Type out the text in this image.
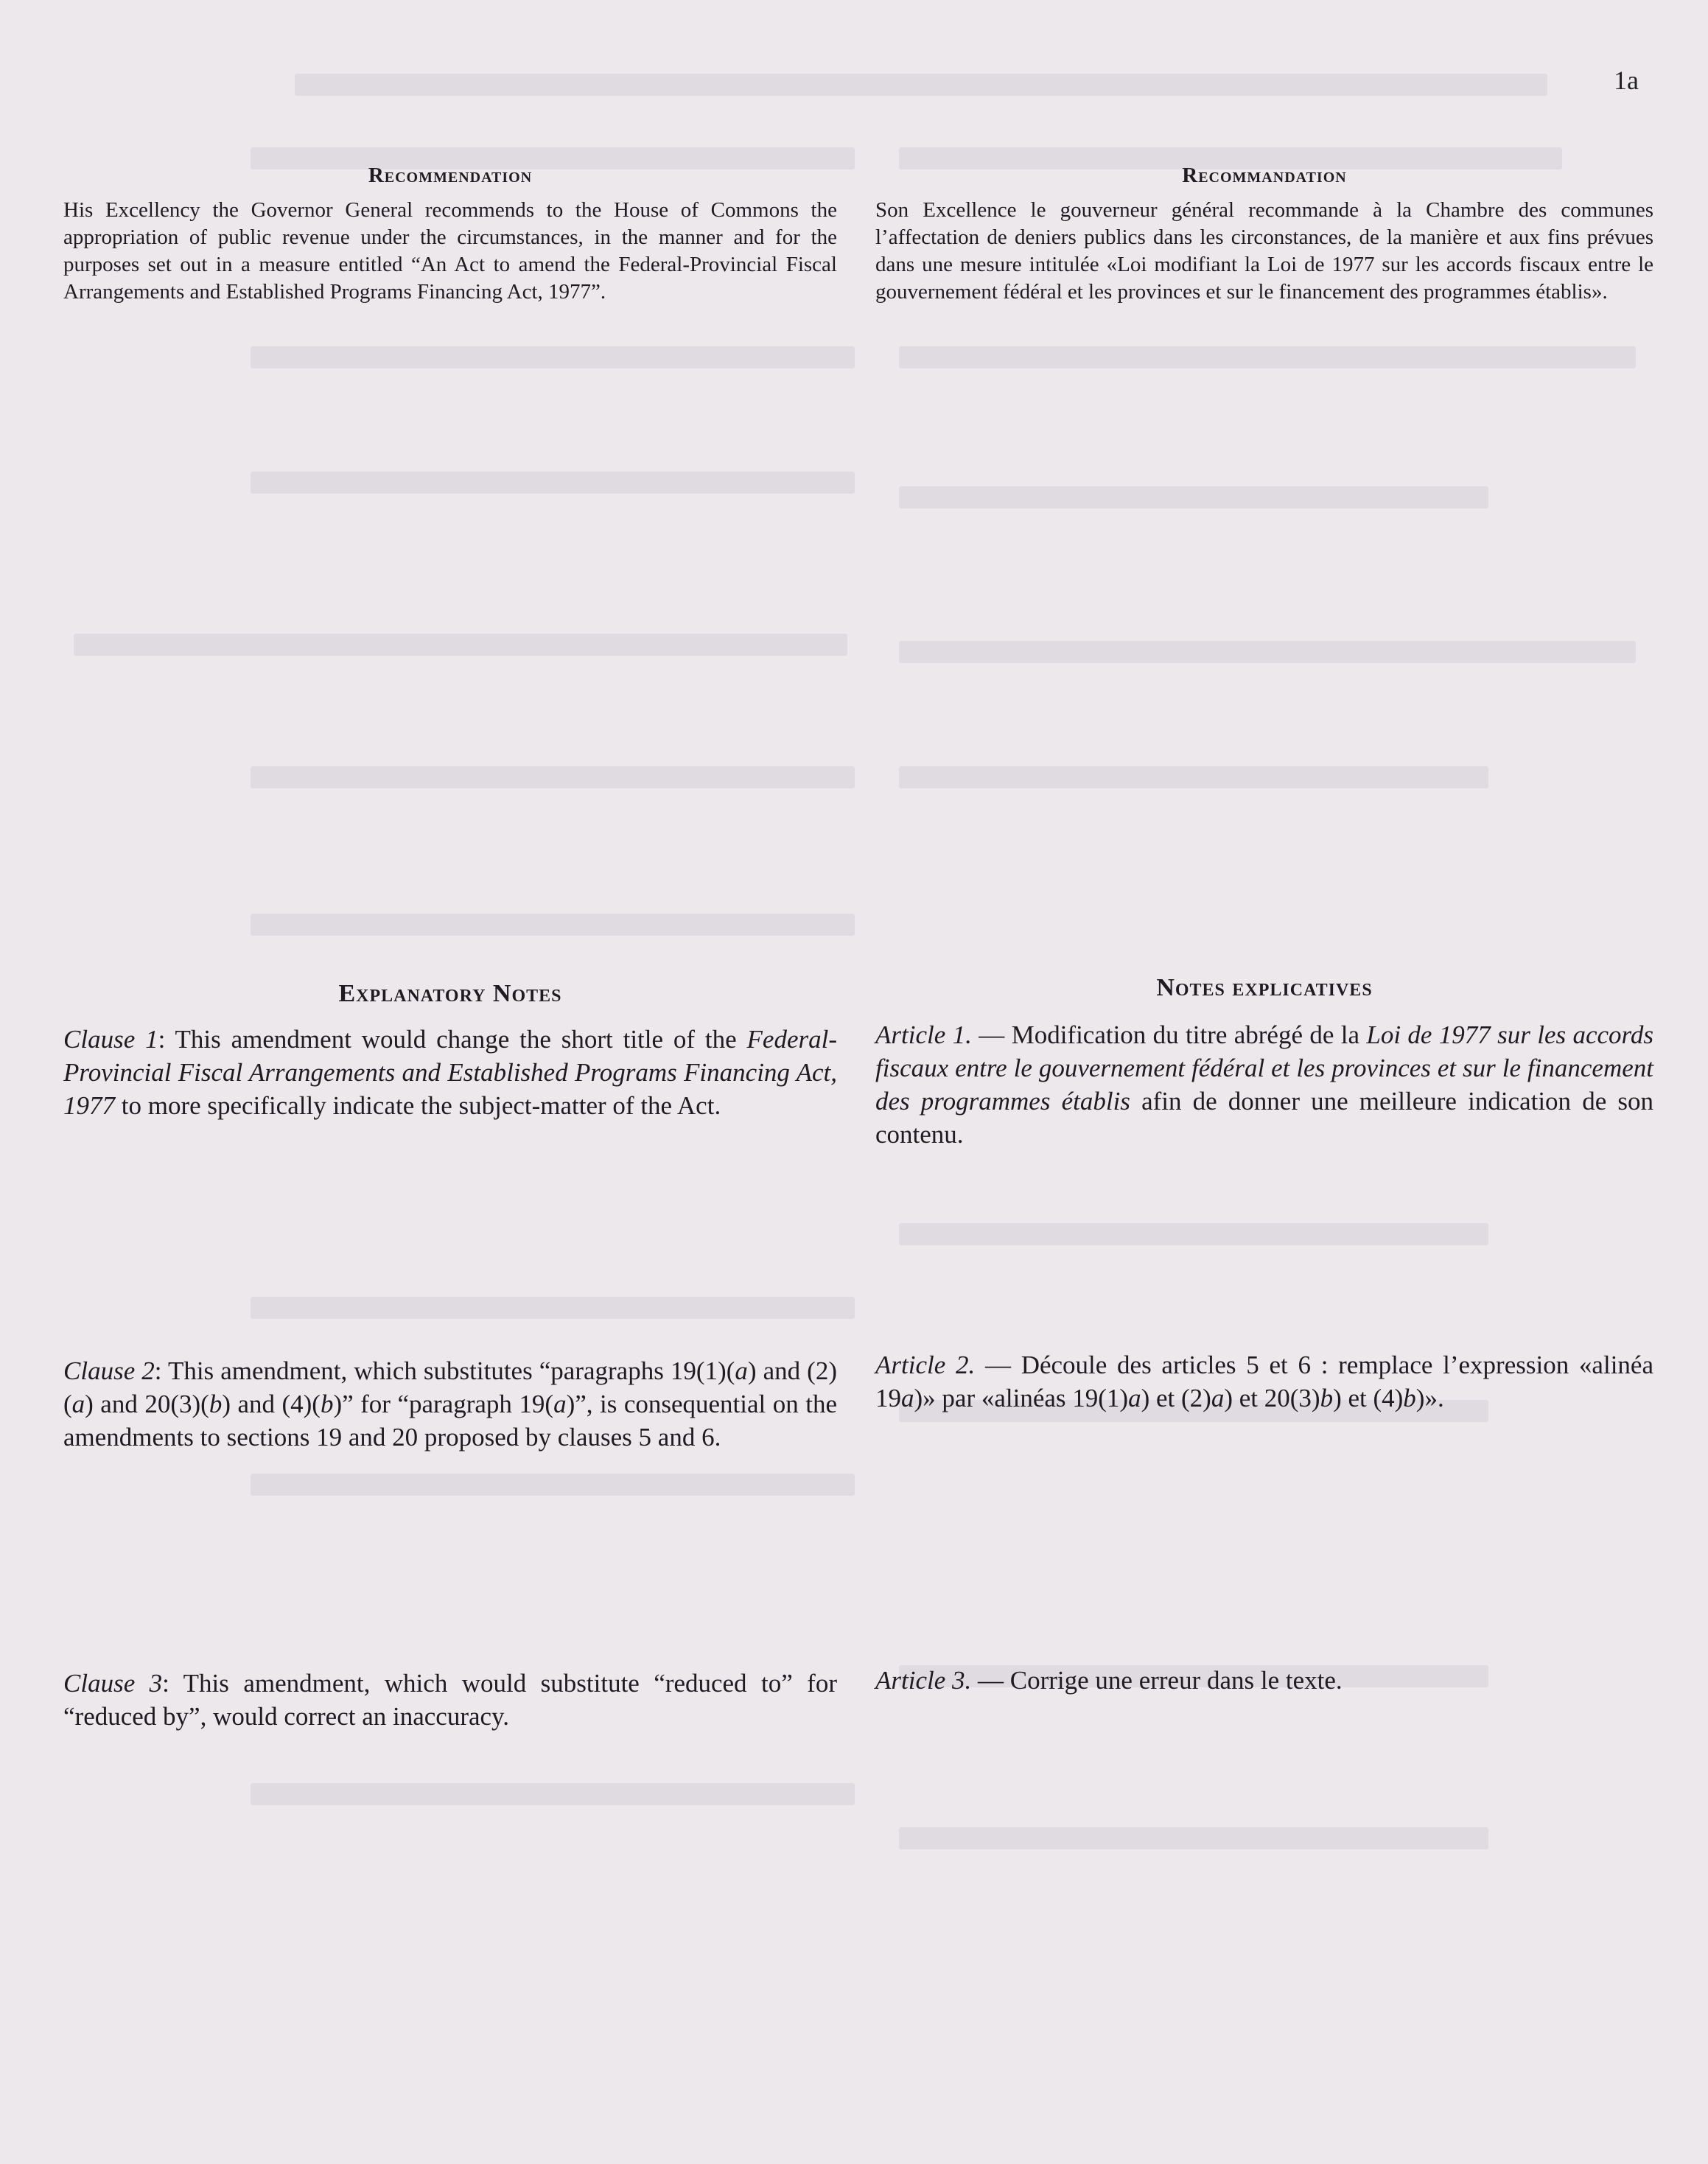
1a
Recommendation

His Excellency the Governor General recommends to the House of Commons the appropriation of public revenue under the circumstances, in the manner and for the purposes set out in a measure entitled “An Act to amend the Federal-Provincial Fiscal Arrangements and Established Programs Financing Act, 1977”.

Explanatory Notes

Clause 1: This amendment would change the short title of the Federal-Provincial Fiscal Arrangements and Established Programs Financing Act, 1977 to more specifically indicate the subject-matter of the Act.

Clause 2: This amendment, which substitutes “paragraphs 19(1)(a) and (2)(a) and 20(3)(b) and (4)(b)” for “paragraph 19(a)”, is consequential on the amendments to sections 19 and 20 proposed by clauses 5 and 6.

Clause 3: This amendment, which would substitute “reduced to” for “reduced by”, would correct an inaccuracy.

Recommandation

Son Excellence le gouverneur général recommande à la Chambre des communes l’affectation de deniers publics dans les circonstances, de la manière et aux fins prévues dans une mesure intitulée «Loi modifiant la Loi de 1977 sur les accords fiscaux entre le gouvernement fédéral et les provinces et sur le financement des programmes établis».

Notes explicatives

Article 1. — Modification du titre abrégé de la Loi de 1977 sur les accords fiscaux entre le gouvernement fédéral et les provinces et sur le financement des programmes établis afin de donner une meilleure indication de son contenu.

Article 2. — Découle des articles 5 et 6 : remplace l’expression «alinéa 19a)» par «alinéas 19(1)a) et (2)a) et 20(3)b) et (4)b)».

Article 3. — Corrige une erreur dans le texte.
